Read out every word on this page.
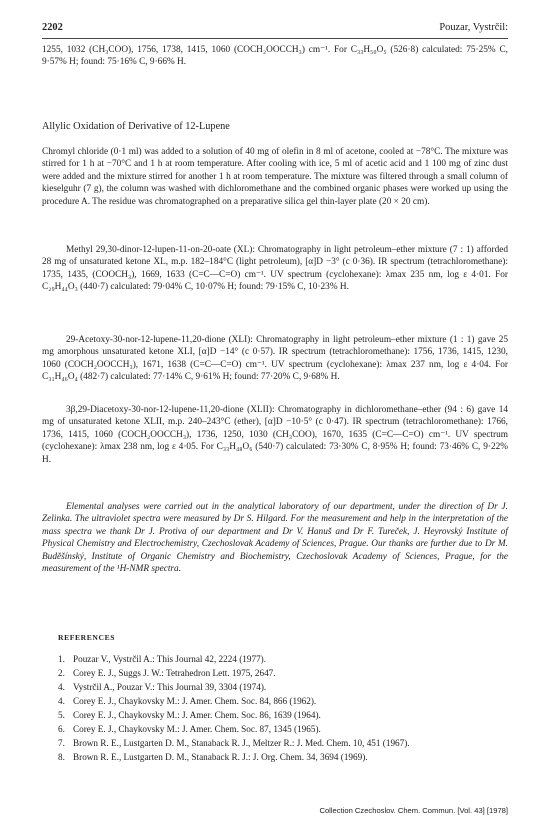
2202	Pouzar, Vystrčil:

1255, 1032 (CH₃COO), 1756, 1738, 1415, 1060 (COCH₂OOCCH₃) cm⁻¹. For C₃₃H₅₀O₅ (526·8) calculated: 75·25% C, 9·57% H; found: 75·16% C, 9·66% H.

Allylic Oxidation of Derivative of 12-Lupene

Chromyl chloride (0·1 ml) was added to a solution of 40 mg of olefin in 8 ml of acetone, cooled at −78°C. The mixture was stirred for 1 h at −70°C and 1 h at room temperature. After cooling with ice, 5 ml of acetic acid and 1 100 mg of zinc dust were added and the mixture stirred for another 1 h at room temperature. The mixture was filtered through a small column of kieselguhr (7 g), the column was washed with dichloromethane and the combined organic phases were worked up using the procedure A. The residue was chromatographed on a preparative silica gel thin-layer plate (20 × 20 cm).

Methyl 29,30-dinor-12-lupen-11-on-20-oate (XL): Chromatography in light petroleum–ether mixture (7 : 1) afforded 28 mg of unsaturated ketone XL, m.p. 182–184°C (light petroleum), [α]D −3° (c 0·36). IR spectrum (tetrachloromethane): 1735, 1435, (COOCH₃), 1669, 1633 (C=C—C=O) cm⁻¹. UV spectrum (cyclohexane): λmax 235 nm, log ε 4·01. For C₂₉H₄₄O₃ (440·7) calculated: 79·04% C, 10·07% H; found: 79·15% C, 10·23% H.

29-Acetoxy-30-nor-12-lupene-11,20-dione (XLI): Chromatography in light petroleum–ether mixture (1 : 1) gave 25 mg amorphous unsaturated ketone XLI, [α]D −14° (c 0·57). IR spectrum (tetrachloromethane): 1756, 1736, 1415, 1230, 1060 (COCH₂OOCCH₃), 1671, 1638 (C=C—C=O) cm⁻¹. UV spectrum (cyclohexane): λmax 237 nm, log ε 4·04. For C₃₁H₄₆O₄ (482·7) calculated: 77·14% C, 9·61% H; found: 77·20% C, 9·68% H.

3β,29-Diacetoxy-30-nor-12-lupene-11,20-dione (XLII): Chromatography in dichloromethane–ether (94 : 6) gave 14 mg of unsaturated ketone XLII, m.p. 240–243°C (ether), [α]D −10·5° (c 0·47). IR spectrum (tetrachloromethane): 1766, 1736, 1415, 1060 (COCH₂OOCCH₃), 1736, 1250, 1030 (CH₃COO), 1670, 1635 (C=C—C=O) cm⁻¹. UV spectrum (cyclohexane): λmax 238 nm, log ε 4·05. For C₃₃H₄₈O₆ (540·7) calculated: 73·30% C, 8·95% H; found: 73·46% C, 9·22% H.

Elemental analyses were carried out in the analytical laboratory of our department, under the direction of Dr J. Zelinka. The ultraviolet spectra were measured by Dr S. Hilgard. For the measurement and help in the interpretation of the mass spectra we thank Dr J. Protiva of our department and Dr V. Hanuš and Dr F. Tureček, J. Heyrovský Institute of Physical Chemistry and Electrochemistry, Czechoslovak Academy of Sciences, Prague. Our thanks are further due to Dr M. Buděšínský, Institute of Organic Chemistry and Biochemistry, Czechoslovak Academy of Sciences, Prague, for the measurement of the ¹H-NMR spectra.

REFERENCES
1. Pouzar V., Vystrčil A.: This Journal 42, 2224 (1977).
2. Corey E. J., Suggs J. W.: Tetrahedron Lett. 1975, 2647.
4. Vystrčil A., Pouzar V.: This Journal 39, 3304 (1974).
4. Corey E. J., Chaykovsky M.: J. Amer. Chem. Soc. 84, 866 (1962).
5. Corey E. J., Chaykovsky M.: J. Amer. Chem. Soc. 86, 1639 (1964).
6. Corey E. J., Chaykovsky M.: J. Amer. Chem. Soc. 87, 1345 (1965).
7. Brown R. E., Lustgarten D. M., Stanaback R. J., Meltzer R.: J. Med. Chem. 10, 451 (1967).
8. Brown R. E., Lustgarten D. M., Stanaback R. J.: J. Org. Chem. 34, 3694 (1969).
Collection Czechoslov. Chem. Commun. [Vol. 43] [1978]
